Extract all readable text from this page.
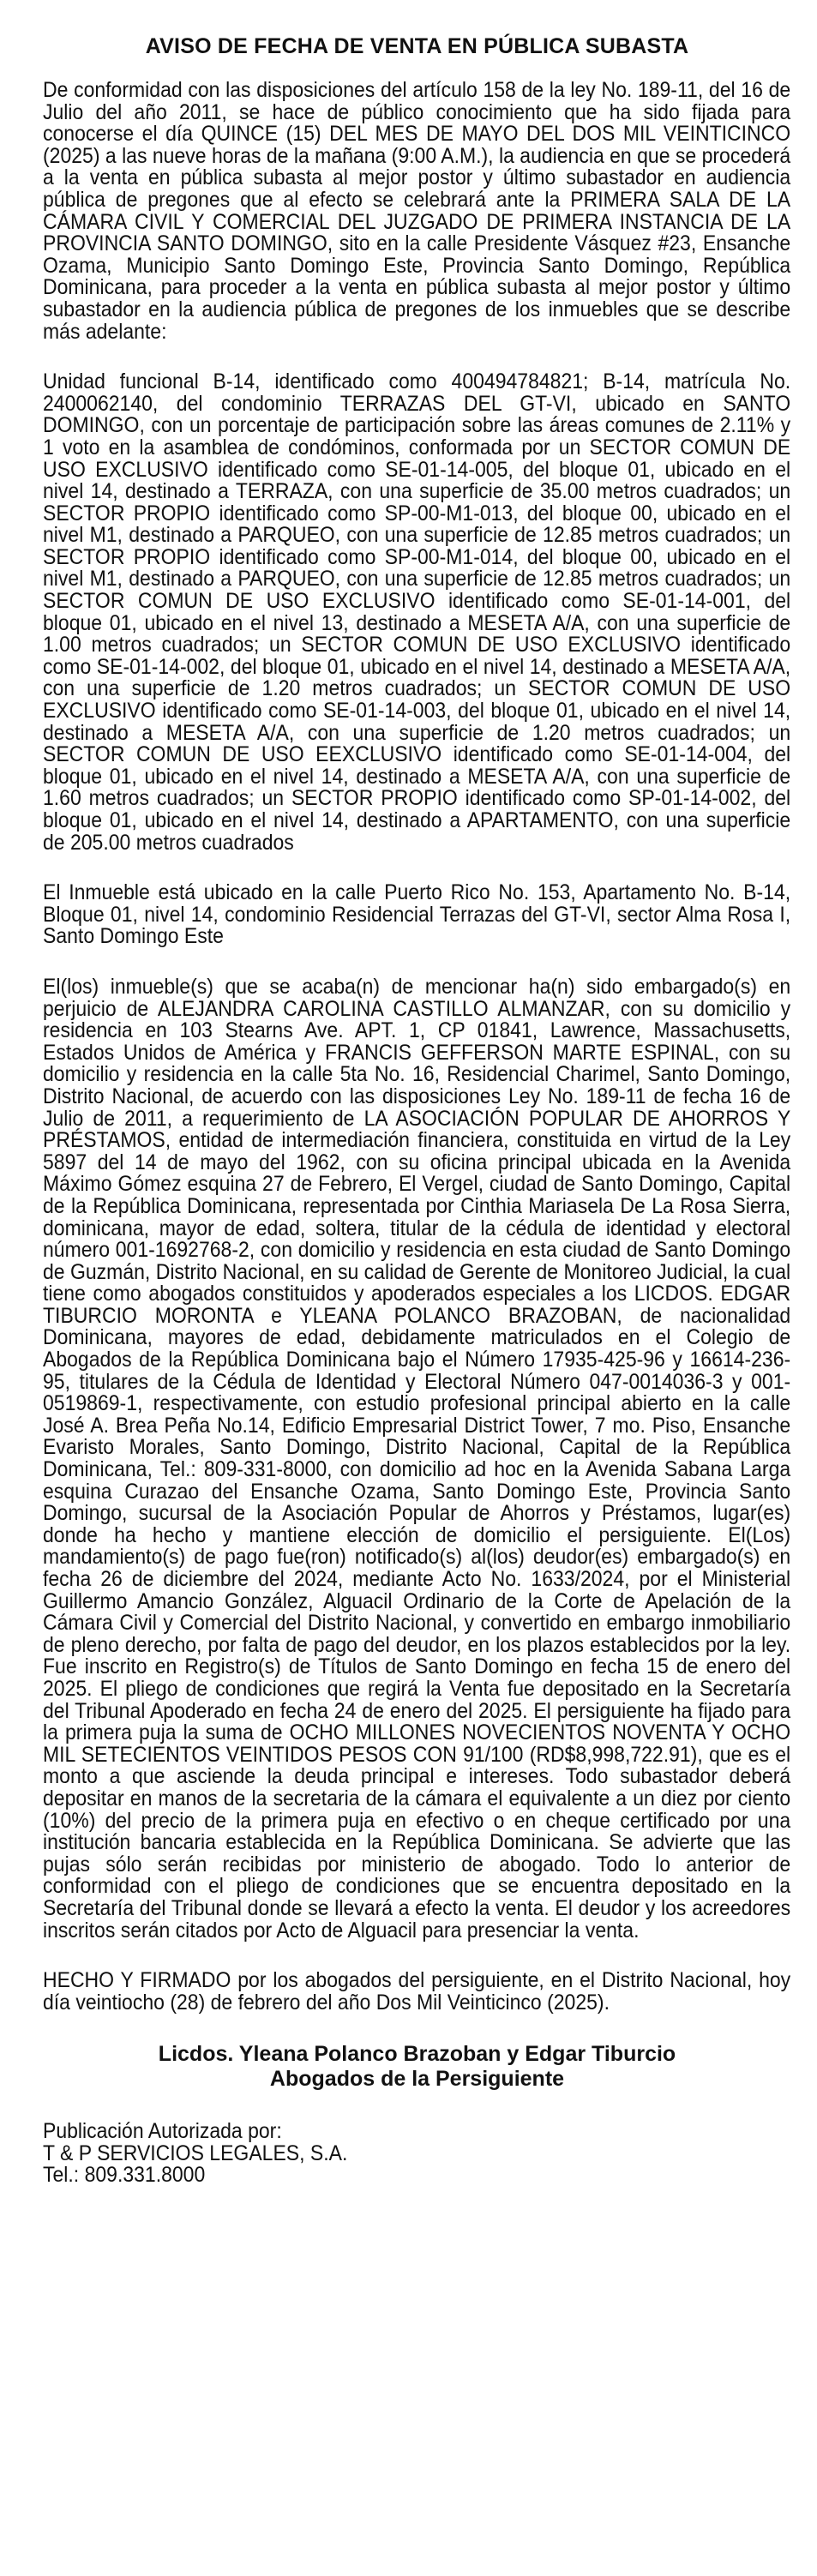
AVISO DE FECHA DE VENTA EN PÚBLICA SUBASTA
De conformidad con las disposiciones del artículo 158 de la ley No. 189-11, del 16 de Julio del año 2011, se hace de público conocimiento que ha sido fijada para conocerse el día QUINCE (15) DEL MES DE MAYO DEL DOS MIL VEINTICINCO (2025) a las nueve horas de la mañana (9:00 A.M.), la audiencia en que se procederá a la venta en pública subasta al mejor postor y último subastador en audiencia pública de pregones que al efecto se celebrará ante la PRIMERA SALA DE LA CÁMARA CIVIL Y COMERCIAL DEL JUZGADO DE PRIMERA INSTANCIA DE LA PROVINCIA SANTO DOMINGO, sito en la calle Presidente Vásquez #23, Ensanche Ozama, Municipio Santo Domingo Este, Provincia Santo Domingo, República Dominicana, para proceder a la venta en pública subasta al mejor postor y último subastador en la audiencia pública de pregones de los inmuebles que se describe más adelante:
Unidad funcional B-14, identificado como 400494784821; B-14, matrícula No. 2400062140, del condominio TERRAZAS DEL GT-VI, ubicado en SANTO DOMINGO, con un porcentaje de participación sobre las áreas comunes de 2.11% y 1 voto en la asamblea de condóminos, conformada por un SECTOR COMUN DE USO EXCLUSIVO identificado como SE-01-14-005, del bloque 01, ubicado en el nivel 14, destinado a TERRAZA, con una superficie de 35.00 metros cuadrados; un SECTOR PROPIO identificado como SP-00-M1-013, del bloque 00, ubicado en el nivel M1, destinado a PARQUEO, con una superficie de 12.85 metros cuadrados; un SECTOR PROPIO identificado como SP-00-M1-014, del bloque 00, ubicado en el nivel M1, destinado a PARQUEO, con una superficie de 12.85 metros cuadrados; un SECTOR COMUN DE USO EXCLUSIVO identificado como SE-01-14-001, del bloque 01, ubicado en el nivel 13, destinado a MESETA A/A, con una superficie de 1.00 metros cuadrados; un SECTOR COMUN DE USO EXCLUSIVO identificado como SE-01-14-002, del bloque 01, ubicado en el nivel 14, destinado a MESETA A/A, con una superficie de 1.20 metros cuadrados; un SECTOR COMUN DE USO EXCLUSIVO identificado como SE-01-14-003, del bloque 01, ubicado en el nivel 14, destinado a MESETA A/A, con una superficie de 1.20 metros cuadrados; un SECTOR COMUN DE USO EEXCLUSIVO identificado como SE-01-14-004, del bloque 01, ubicado en el nivel 14, destinado a MESETA A/A, con una superficie de 1.60 metros cuadrados; un SECTOR PROPIO identificado como SP-01-14-002, del bloque 01, ubicado en el nivel 14, destinado a APARTAMENTO, con una superficie de 205.00 metros cuadrados
El Inmueble está ubicado en la calle Puerto Rico No. 153, Apartamento No. B-14, Bloque 01, nivel 14, condominio Residencial Terrazas del GT-VI, sector Alma Rosa I, Santo Domingo Este
El(los) inmueble(s) que se acaba(n) de mencionar ha(n) sido embargado(s) en perjuicio de ALEJANDRA CAROLINA CASTILLO ALMANZAR, con su domicilio y residencia en 103 Stearns Ave. APT. 1, CP 01841, Lawrence, Massachusetts, Estados Unidos de América y FRANCIS GEFFERSON MARTE ESPINAL, con su domicilio y residencia en la calle 5ta No. 16, Residencial Charimel, Santo Domingo, Distrito Nacional, de acuerdo con las disposiciones Ley No. 189-11 de fecha 16 de Julio de 2011, a requerimiento de LA ASOCIACIÓN POPULAR DE AHORROS Y PRÉSTAMOS, entidad de intermediación financiera, constituida en virtud de la Ley 5897 del 14 de mayo del 1962, con su oficina principal ubicada en la Avenida Máximo Gómez esquina 27 de Febrero, El Vergel, ciudad de Santo Domingo, Capital de la República Dominicana, representada por Cinthia Mariasela De La Rosa Sierra, dominicana, mayor de edad, soltera, titular de la cédula de identidad y electoral número 001-1692768-2, con domicilio y residencia en esta ciudad de Santo Domingo de Guzmán, Distrito Nacional, en su calidad de Gerente de Monitoreo Judicial, la cual tiene como abogados constituidos y apoderados especiales a los LICDOS. EDGAR TIBURCIO MORONTA e YLEANA POLANCO BRAZOBAN, de nacionalidad Dominicana, mayores de edad, debidamente matriculados en el Colegio de Abogados de la República Dominicana bajo el Número 17935-425-96 y 16614-236-95, titulares de la Cédula de Identidad y Electoral Número 047-0014036-3 y 001-0519869-1, respectivamente, con estudio profesional principal abierto en la calle José A. Brea Peña No.14, Edificio Empresarial District Tower, 7 mo. Piso, Ensanche Evaristo Morales, Santo Domingo, Distrito Nacional, Capital de la República Dominicana, Tel.: 809-331-8000, con domicilio ad hoc en la Avenida Sabana Larga esquina Curazao del Ensanche Ozama, Santo Domingo Este, Provincia Santo Domingo, sucursal de la Asociación Popular de Ahorros y Préstamos, lugar(es) donde ha hecho y mantiene elección de domicilio el persiguiente. El(Los) mandamiento(s) de pago fue(ron) notificado(s) al(los) deudor(es) embargado(s) en fecha 26 de diciembre del 2024, mediante Acto No. 1633/2024, por el Ministerial Guillermo Amancio González, Alguacil Ordinario de la Corte de Apelación de la Cámara Civil y Comercial del Distrito Nacional, y convertido en embargo inmobiliario de pleno derecho, por falta de pago del deudor, en los plazos establecidos por la ley. Fue inscrito en Registro(s) de Títulos de Santo Domingo en fecha 15 de enero del 2025. El pliego de condiciones que regirá la Venta fue depositado en la Secretaría del Tribunal Apoderado en fecha 24 de enero del 2025. El persiguiente ha fijado para la primera puja la suma de OCHO MILLONES NOVECIENTOS NOVENTA Y OCHO MIL SETECIENTOS VEINTIDOS PESOS CON 91/100 (RD$8,998,722.91), que es el monto a que asciende la deuda principal e intereses. Todo subastador deberá depositar en manos de la secretaria de la cámara el equivalente a un diez por ciento (10%) del precio de la primera puja en efectivo o en cheque certificado por una institución bancaria establecida en la República Dominicana. Se advierte que las pujas sólo serán recibidas por ministerio de abogado. Todo lo anterior de conformidad con el pliego de condiciones que se encuentra depositado en la Secretaría del Tribunal donde se llevará a efecto la venta. El deudor y los acreedores inscritos serán citados por Acto de Alguacil para presenciar la venta.
HECHO Y FIRMADO por los abogados del persiguiente, en el Distrito Nacional, hoy día veintiocho (28) de febrero del año Dos Mil Veinticinco (2025).
Licdos. Yleana Polanco Brazoban y Edgar Tiburcio
Abogados de la Persiguiente
Publicación Autorizada por:
T & P SERVICIOS LEGALES, S.A.
Tel.: 809.331.8000
